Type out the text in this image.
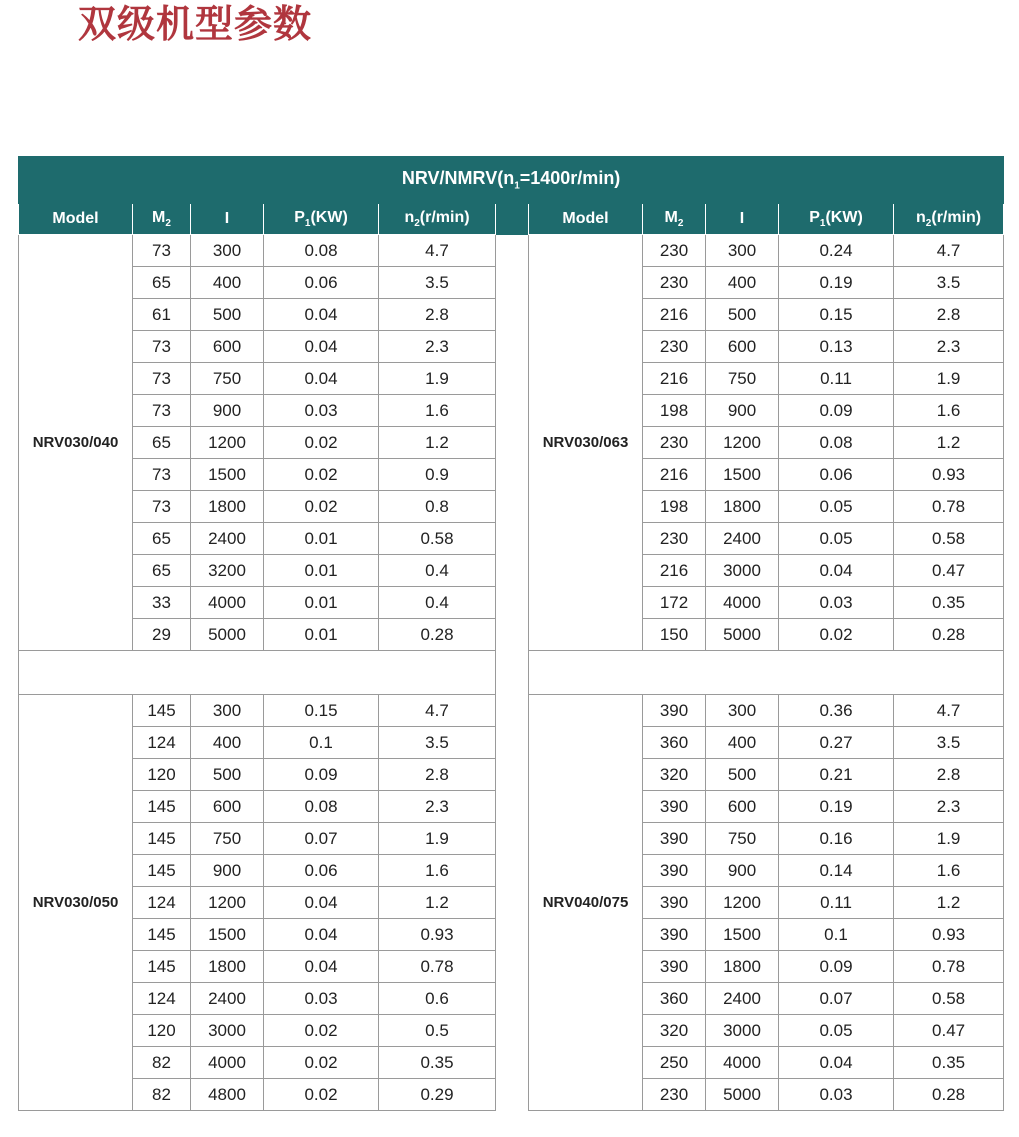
双级机型参数
NRV/$NMRV(n_1=1400r/\min)$										
Model	$M_2$	I	$P_1(KW)$	$n_2(r/\min)$		Model	$M_2$	I	$P_1(KW)$	$n_2(r/\min)$
NRV030/040	73	300	0.08	4.7		NRV030/063	230	300	0.24	4.7
	65	400	0.06	3.5			230	400	0.19	3.5
	61	500	0.04	2.8			216	500	0.15	2.8
	73	600	0.04	2.3			230	600	0.13	2.3
	73	750	0.04	1.9			216	750	0.11	1.9
	73	900	0.03	1.6			198	900	0.09	1.6
	65	1200	0.02	1.2			230	1200	0.08	1.2
	73	1500	0.02	0.9			216	1500	0.06	0.93
	73	1800	0.02	0.8			198	1800	0.05	0.78
	65	2400	0.01	0.58			230	2400	0.05	0.58
	65	3200	0.01	0.4			216	3000	0.04	0.47
	33	4000	0.01	0.4			172	4000	0.03	0.35
	29	5000	0.01	0.28			150	5000	0.02	0.28

NRV030/050	145	300	0.15	4.7		NRV040/075	390	300	0.36	4.7
	124	400	0.1	3.5			360	400	0.27	3.5
	120	500	0.09	2.8			320	500	0.21	2.8
	145	600	0.08	2.3			390	600	0.19	2.3
	145	750	0.07	1.9			390	750	0.16	1.9
	145	900	0.06	1.6			390	900	0.14	1.6
	124	1200	0.04	1.2			390	1200	0.11	1.2
	145	1500	0.04	0.93			390	1500	0.1	0.93
	145	1800	0.04	0.78			390	1800	0.09	0.78
	124	2400	0.03	0.6			360	2400	0.07	0.58
	120	3000	0.02	0.5			320	3000	0.05	0.47
	82	4000	0.02	0.35			250	4000	0.04	0.35
	82	4800	0.02	0.29			230	5000	0.03	0.28
